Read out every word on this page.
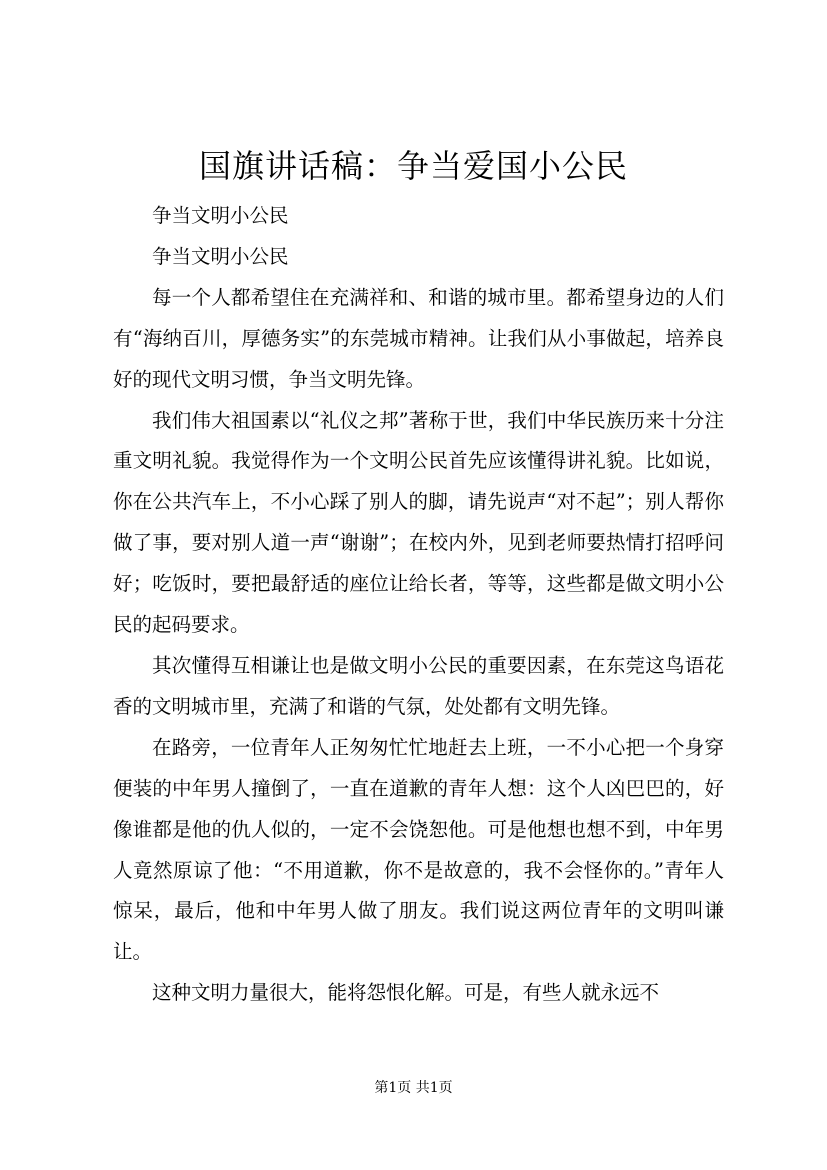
国旗讲话稿：争当爱国小公民

争当文明小公民

争当文明小公民

每一个人都希望住在充满祥和、和谐的城市里。都希望身边的人们有“海纳百川，厚德务实”的东莞城市精神。让我们从小事做起，培养良好的现代文明习惯，争当文明先锋。

我们伟大祖国素以“礼仪之邦”著称于世，我们中华民族历来十分注重文明礼貌。我觉得作为一个文明公民首先应该懂得讲礼貌。比如说，你在公共汽车上，不小心踩了别人的脚，请先说声“对不起”；别人帮你做了事，要对别人道一声“谢谢”；在校内外，见到老师要热情打招呼问好；吃饭时，要把最舒适的座位让给长者，等等，这些都是做文明小公民的起码要求。

其次懂得互相谦让也是做文明小公民的重要因素，在东莞这鸟语花香的文明城市里，充满了和谐的气氛，处处都有文明先锋。

在路旁，一位青年人正匆匆忙忙地赶去上班，一不小心把一个身穿便装的中年男人撞倒了，一直在道歉的青年人想：这个人凶巴巴的，好像谁都是他的仇人似的，一定不会饶恕他。可是他想也想不到，中年男人竟然原谅了他：“不用道歉，你不是故意的，我不会怪你的。”青年人惊呆，最后，他和中年男人做了朋友。我们说这两位青年的文明叫谦让。

这种文明力量很大，能将怨恨化解。可是，有些人就永远不

第1页 共1页
